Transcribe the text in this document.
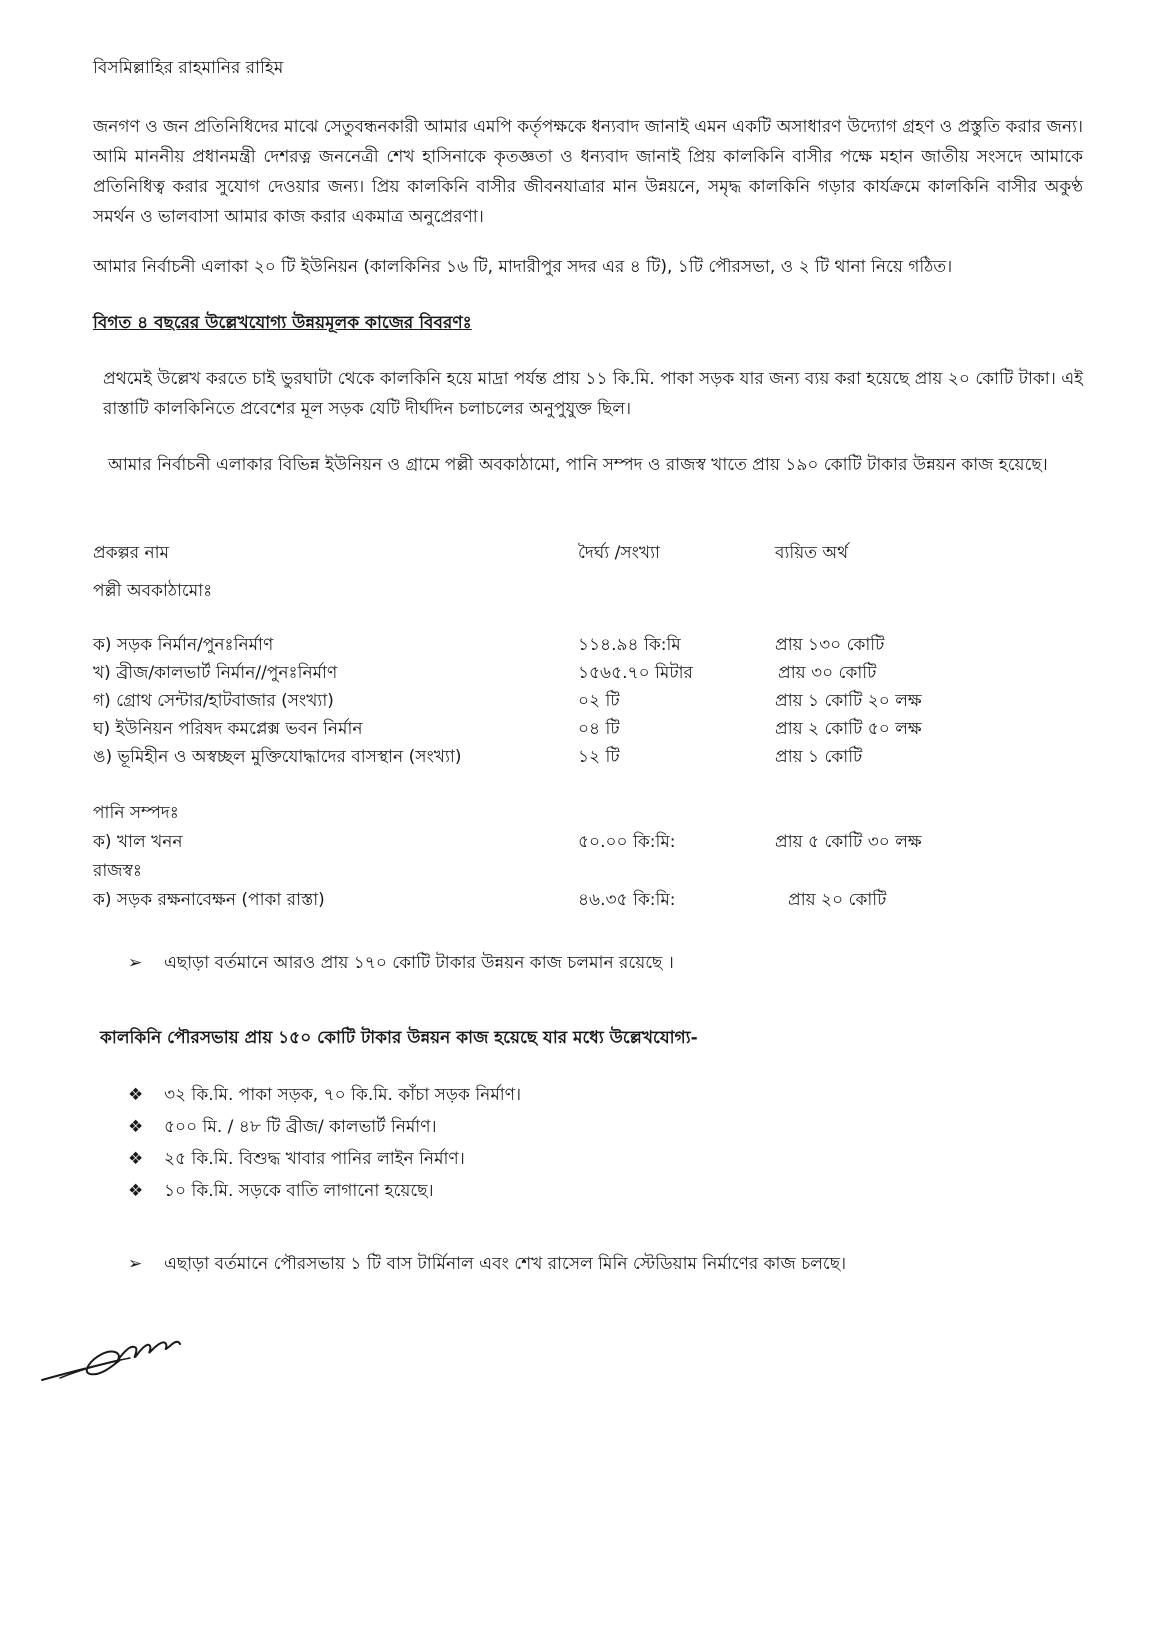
বিসমিল্লাহির রাহমানির রাহিম
জনগণ ও জন প্রতিনিধিদের মাঝে সেতুবন্ধনকারী আমার এমপি কর্তৃপক্ষকে ধন্যবাদ জানাই এমন একটি অসাধারণ উদ্যোগ গ্রহণ ও প্রস্তুতি করার জন্য। আমি মাননীয় প্রধানমন্ত্রী দেশরত্ন জননেত্রী শেখ হাসিনাকে কৃতজ্ঞতা ও ধন্যবাদ জানাই প্রিয় কালকিনি বাসীর পক্ষে মহান জাতীয় সংসদে আমাকে প্রতিনিধিত্ব করার সুযোগ দেওয়ার জন্য। প্রিয় কালকিনি বাসীর জীবনযাত্রার মান উন্নয়নে, সমৃদ্ধ কালকিনি গড়ার কার্যক্রমে কালকিনি বাসীর অকুণ্ঠ সমর্থন ও ভালবাসা আমার কাজ করার একমাত্র অনুপ্রেরণা।
আমার নির্বাচনী এলাকা ২০ টি ইউনিয়ন (কালকিনির ১৬ টি, মাদারীপুর সদর এর ৪ টি), ১টি পৌরসভা, ও ২ টি থানা নিয়ে গঠিত।
বিগত ৪ বছরের উল্লেখযোগ্য উন্নয়মূলক কাজের বিবরণঃ
প্রথমেই উল্লেখ করতে চাই ভুরঘাটা থেকে কালকিনি হয়ে মাদ্রা পর্যন্ত প্রায় ১১ কি.মি. পাকা সড়ক যার জন্য ব্যয় করা হয়েছে প্রায় ২০ কোটি টাকা। এই রাস্তাটি কালকিনিতে প্রবেশের মূল সড়ক যেটি দীর্ঘদিন চলাচলের অনুপুযুক্ত ছিল।
আমার নির্বাচনী এলাকার বিভিন্ন ইউনিয়ন ও গ্রামে পল্লী অবকাঠামো, পানি সম্পদ ও রাজস্ব খাতে প্রায় ১৯০ কোটি টাকার উন্নয়ন কাজ হয়েছে।
প্রকল্পর নাম	দৈর্ঘ্য /সংখ্যা	ব্যয়িত অর্থ
পল্লী অবকাঠামোঃ
ক) সড়ক নির্মান/পুনঃনির্মাণ	১১৪.৯৪ কি:মি	প্রায় ১৩০ কোটি
খ) ব্রীজ/কালভার্ট নির্মান//পুনঃনির্মাণ	১৫৬৫.৭০ মিটার	প্রায় ৩০ কোটি
গ) গ্রোথ সেন্টার/হাটবাজার (সংখ্যা)	০২ টি	প্রায় ১ কোটি ২০ লক্ষ
ঘ) ইউনিয়ন পরিষদ কমপ্লেক্স ভবন নির্মান	০৪ টি	প্রায় ২ কোটি ৫০ লক্ষ
ঙ) ভূমিহীন ও অস্বচ্ছল মুক্তিযোদ্ধাদের বাসস্থান (সংখ্যা)	১২ টি	প্রায় ১ কোটি
পানি সম্পদঃ
ক) খাল খনন	৫০.০০ কি:মি:	প্রায় ৫ কোটি ৩০ লক্ষ
রাজস্বঃ
ক) সড়ক রক্ষনাবেক্ষন (পাকা রাস্তা)	৪৬.৩৫ কি:মি:	প্রায় ২০ কোটি
➢ এছাড়া বর্তমানে আরও প্রায় ১৭০ কোটি টাকার উন্নয়ন কাজ চলমান রয়েছে ।
কালকিনি পৌরসভায় প্রায় ১৫০ কোটি টাকার উন্নয়ন কাজ হয়েছে যার মধ্যে উল্লেখযোগ্য-
❖ ৩২ কি.মি. পাকা সড়ক, ৭০ কি.মি. কাঁচা সড়ক নির্মাণ।
❖ ৫০০ মি. / ৪৮ টি ব্রীজ/ কালভার্ট নির্মাণ।
❖ ২৫ কি.মি. বিশুদ্ধ খাবার পানির লাইন নির্মাণ।
❖ ১০ কি.মি. সড়কে বাতি লাগানো হয়েছে।
➢ এছাড়া বর্তমানে পৌরসভায় ১ টি বাস টার্মিনাল এবং শেখ রাসেল মিনি স্টেডিয়াম নির্মাণের কাজ চলছে।
